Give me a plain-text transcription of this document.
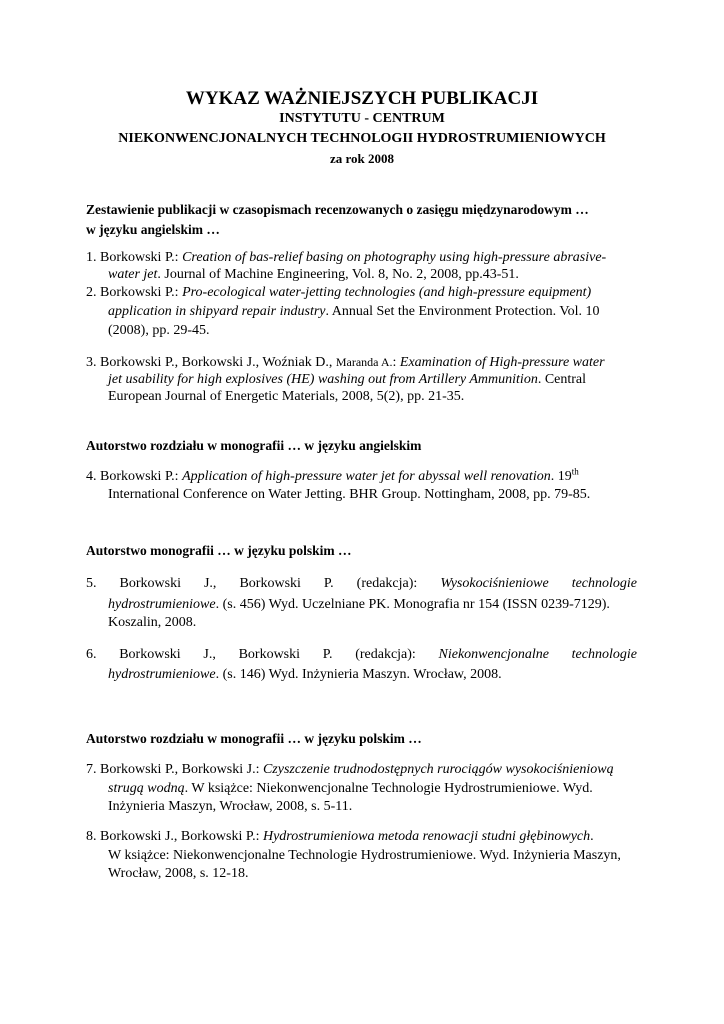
WYKAZ WAŻNIEJSZYCH PUBLIKACJI
INSTYTUTU - CENTRUM
NIEKONWENCJONALNYCH TECHNOLOGII HYDROSTRUMIENIOWYCH
za rok 2008
Zestawienie publikacji w czasopismach recenzowanych o zasięgu międzynarodowym …
w języku angielskim …
1. Borkowski P.: Creation of bas-relief basing on photography using high-pressure abrasive-
water jet. Journal of Machine Engineering, Vol. 8, No. 2, 2008, pp.43-51.
2. Borkowski P.: Pro-ecological water-jetting technologies (and high-pressure equipment)
application in shipyard repair industry. Annual Set the Environment Protection. Vol. 10
(2008), pp. 29-45.
3. Borkowski P., Borkowski J., Woźniak D., Maranda A.: Examination of High-pressure water
jet usability for high explosives (HE) washing out from Artillery Ammunition. Central
European Journal of Energetic Materials, 2008, 5(2), pp. 21-35.
Autorstwo rozdziału w monografii … w języku angielskim
4. Borkowski P.: Application of high-pressure water jet for abyssal well renovation. 19th
International Conference on Water Jetting. BHR Group. Nottingham, 2008, pp. 79-85.
Autorstwo monografii … w języku polskim …
5. Borkowski J., Borkowski P. (redakcja): Wysokociśnieniowe technologie
hydrostrumieniowe. (s. 456) Wyd. Uczelniane PK. Monografia nr 154 (ISSN 0239-7129).
Koszalin, 2008.
6. Borkowski J., Borkowski P. (redakcja): Niekonwencjonalne technologie
hydrostrumieniowe. (s. 146) Wyd. Inżynieria Maszyn. Wrocław, 2008.
Autorstwo rozdziału w monografii … w języku polskim …
7. Borkowski P., Borkowski J.: Czyszczenie trudnodostępnych rurociągów wysokociśnieniową
strugą wodną. W książce: Niekonwencjonalne Technologie Hydrostrumieniowe. Wyd.
Inżynieria Maszyn, Wrocław, 2008, s. 5-11.
8. Borkowski J., Borkowski P.: Hydrostrumieniowa metoda renowacji studni głębinowych.
W książce: Niekonwencjonalne Technologie Hydrostrumieniowe. Wyd. Inżynieria Maszyn,
Wrocław, 2008, s. 12-18.
